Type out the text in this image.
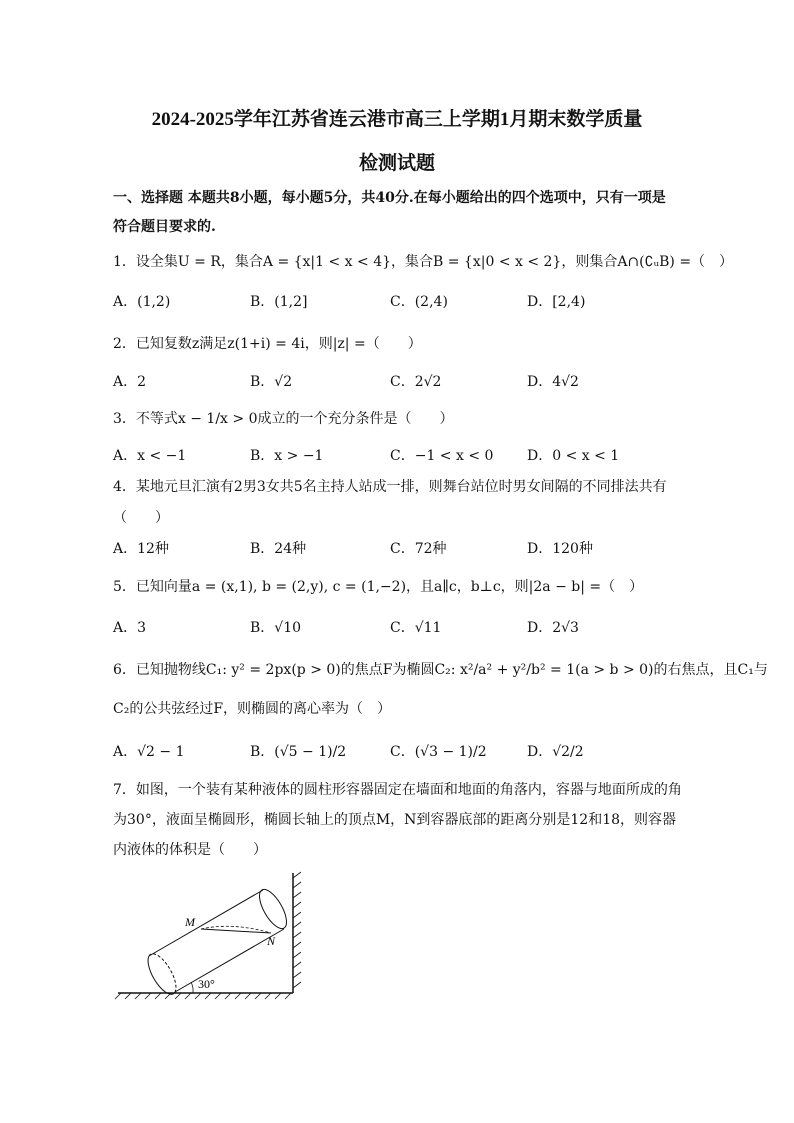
2024-2025学年江苏省连云港市高三上学期1月期末数学质量
检测试题
一、选择题 本题共8小题，每小题5分，共40分.在每小题给出的四个选项中，只有一项是
符合题目要求的.
1．设全集U = R，集合A = {x|1 < x < 4}，集合B = {x|0 < x < 2}，则集合A∩(∁ᵤB) =（　）
A．(1,2)	B．(1,2]	C．(2,4)	D．[2,4)
2．已知复数z满足z(1+i) = 4i，则|z| =（　　）
A．2	B．√2	C．2√2	D．4√2
3．不等式x − 1/x > 0成立的一个充分条件是（　　）
A．x < −1	B．x > −1	C．−1 < x < 0 D．0 < x < 1
4．某地元旦汇演有2男3女共5名主持人站成一排，则舞台站位时男女间隔的不同排法共有
（　　）
A．12种	B．24种	C．72种	D．120种
5．已知向量a = (x,1), b = (2,y), c = (1,−2)，且a∥c，b⊥c，则|2a − b| =（　）
A．3	B．√10	C．√11	D．2√3
6．已知抛物线C₁: y² = 2px(p > 0)的焦点F为椭圆C₂: x²/a² + y²/b² = 1(a > b > 0)的右焦点，且C₁与
C₂的公共弦经过F，则椭圆的离心率为（　）
A．√2 − 1	B．(√5 − 1)/2	C．(√3 − 1)/2	D．√2/2
7．如图，一个装有某种液体的圆柱形容器固定在墙面和地面的角落内，容器与地面所成的角
为30°，液面呈椭圆形，椭圆长轴上的顶点M，N到容器底部的距离分别是12和18，则容器
内液体的体积是（　　）
M
N
30°
